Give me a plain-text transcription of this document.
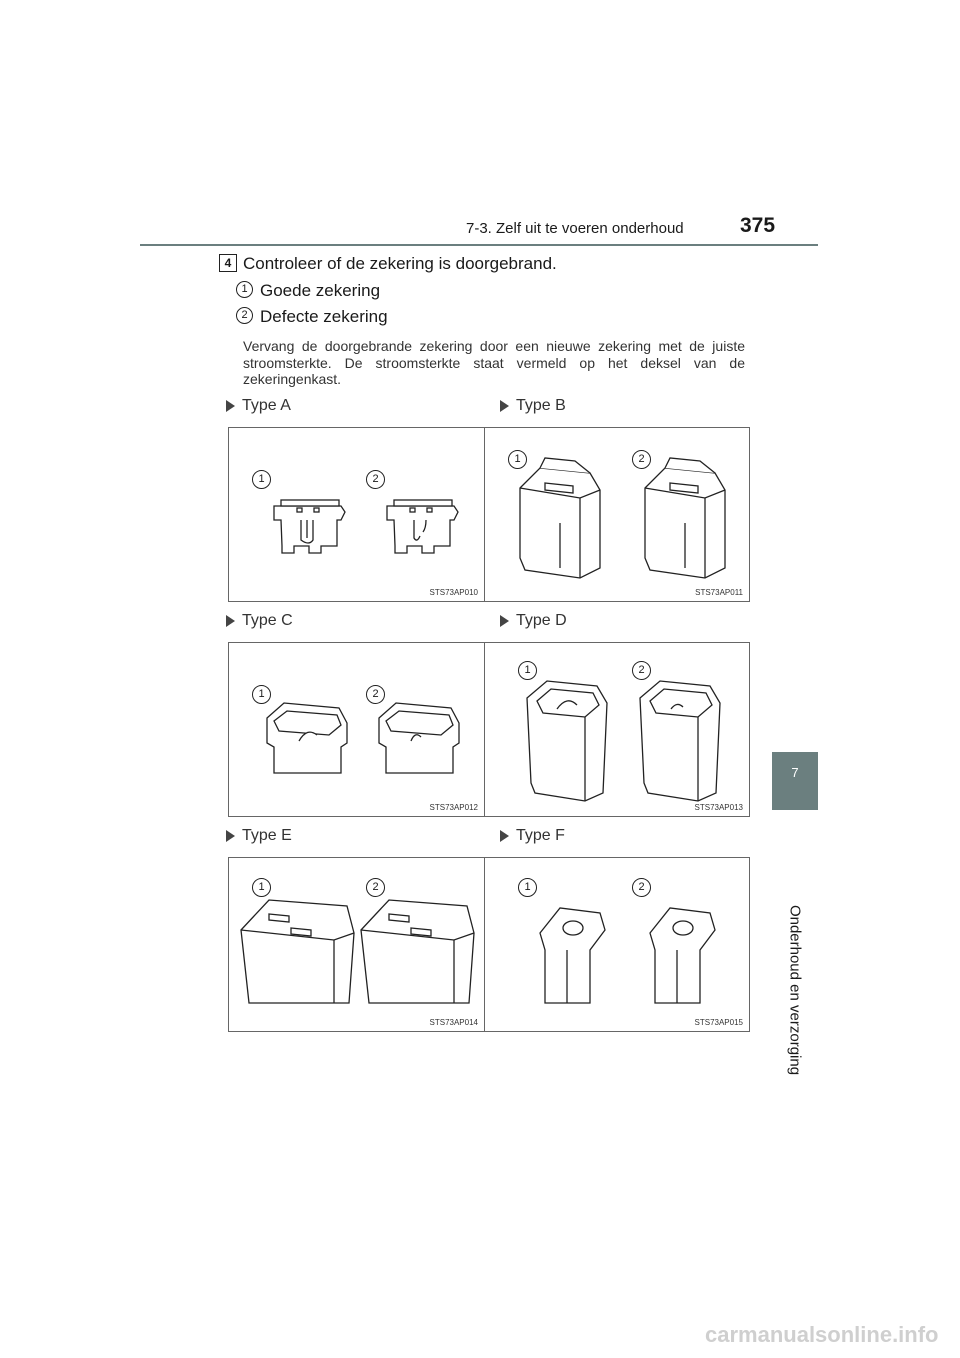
7-3. Zelf uit te voeren onderhoud	375
7
Onderhoud en verzorging
4 Controleer of de zekering is doorgebrand.
1 Goede zekering
2 Defecte zekering
Vervang de doorgebrande zekering door een nieuwe zekering met de juiste stroomsterkte. De stroomsterkte staat vermeld op het deksel van de zekeringenkast.
Type A	Type B
Type C	Type D
Type E	Type F
1	2
STS73AP010
1	2
STS73AP011
1	2
STS73AP012
1	2
STS73AP013
1	2
STS73AP014
1	2
STS73AP015
carmanualsonline.info
